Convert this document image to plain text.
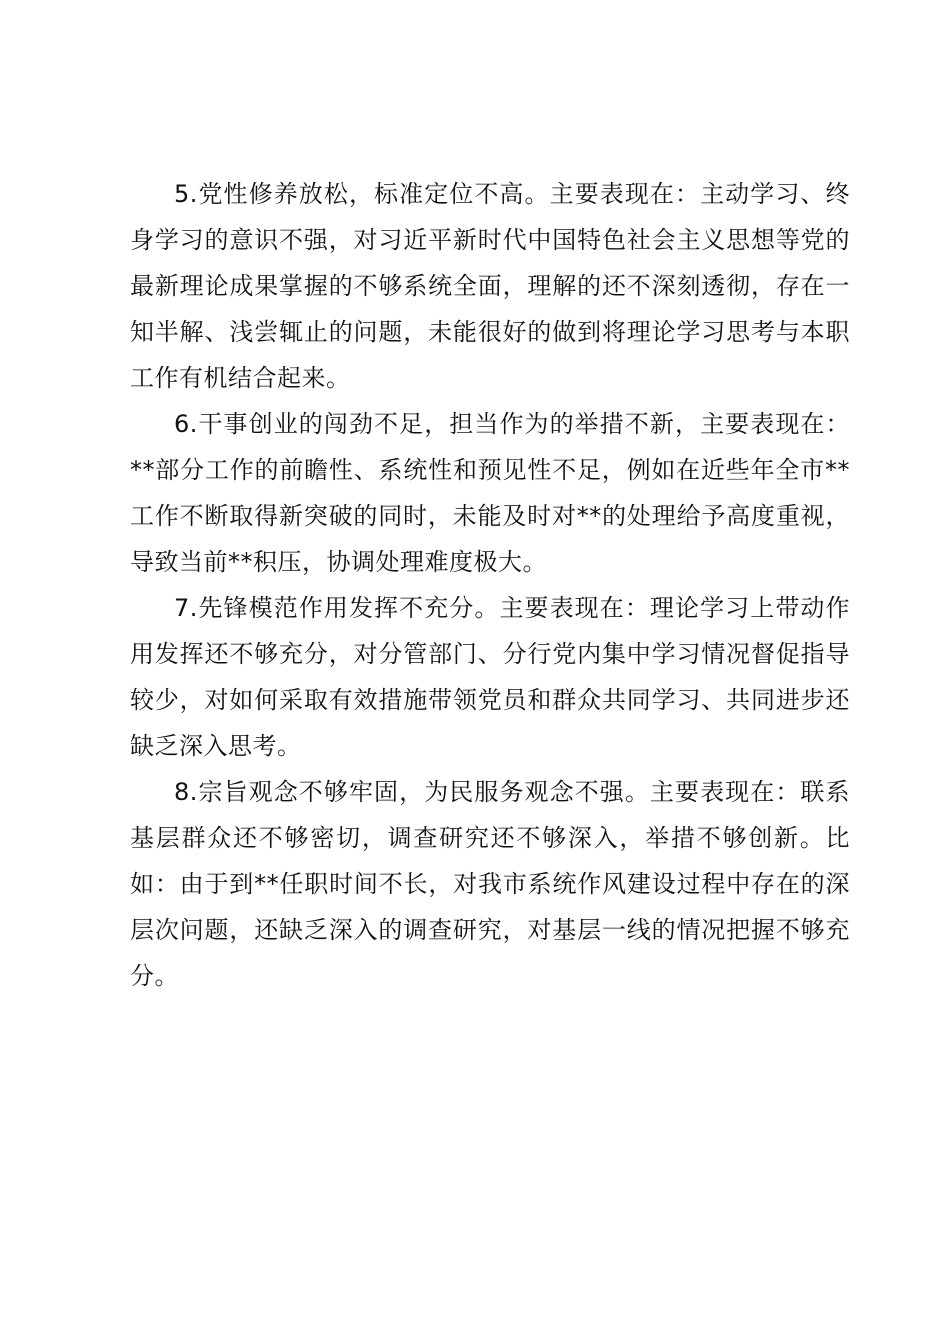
5.党性修养放松，标准定位不高。主要表现在：主动学习、终身学习的意识不强，对习近平新时代中国特色社会主义思想等党的最新理论成果掌握的不够系统全面，理解的还不深刻透彻，存在一知半解、浅尝辄止的问题，未能很好的做到将理论学习思考与本职工作有机结合起来。

6.干事创业的闯劲不足，担当作为的举措不新，主要表现在：**部分工作的前瞻性、系统性和预见性不足，例如在近些年全市**工作不断取得新突破的同时，未能及时对**的处理给予高度重视，导致当前**积压，协调处理难度极大。

7.先锋模范作用发挥不充分。主要表现在：理论学习上带动作用发挥还不够充分，对分管部门、分行党内集中学习情况督促指导较少，对如何采取有效措施带领党员和群众共同学习、共同进步还缺乏深入思考。

8.宗旨观念不够牢固，为民服务观念不强。主要表现在：联系基层群众还不够密切，调查研究还不够深入，举措不够创新。比如：由于到**任职时间不长，对我市系统作风建设过程中存在的深层次问题，还缺乏深入的调查研究，对基层一线的情况把握不够充分。
